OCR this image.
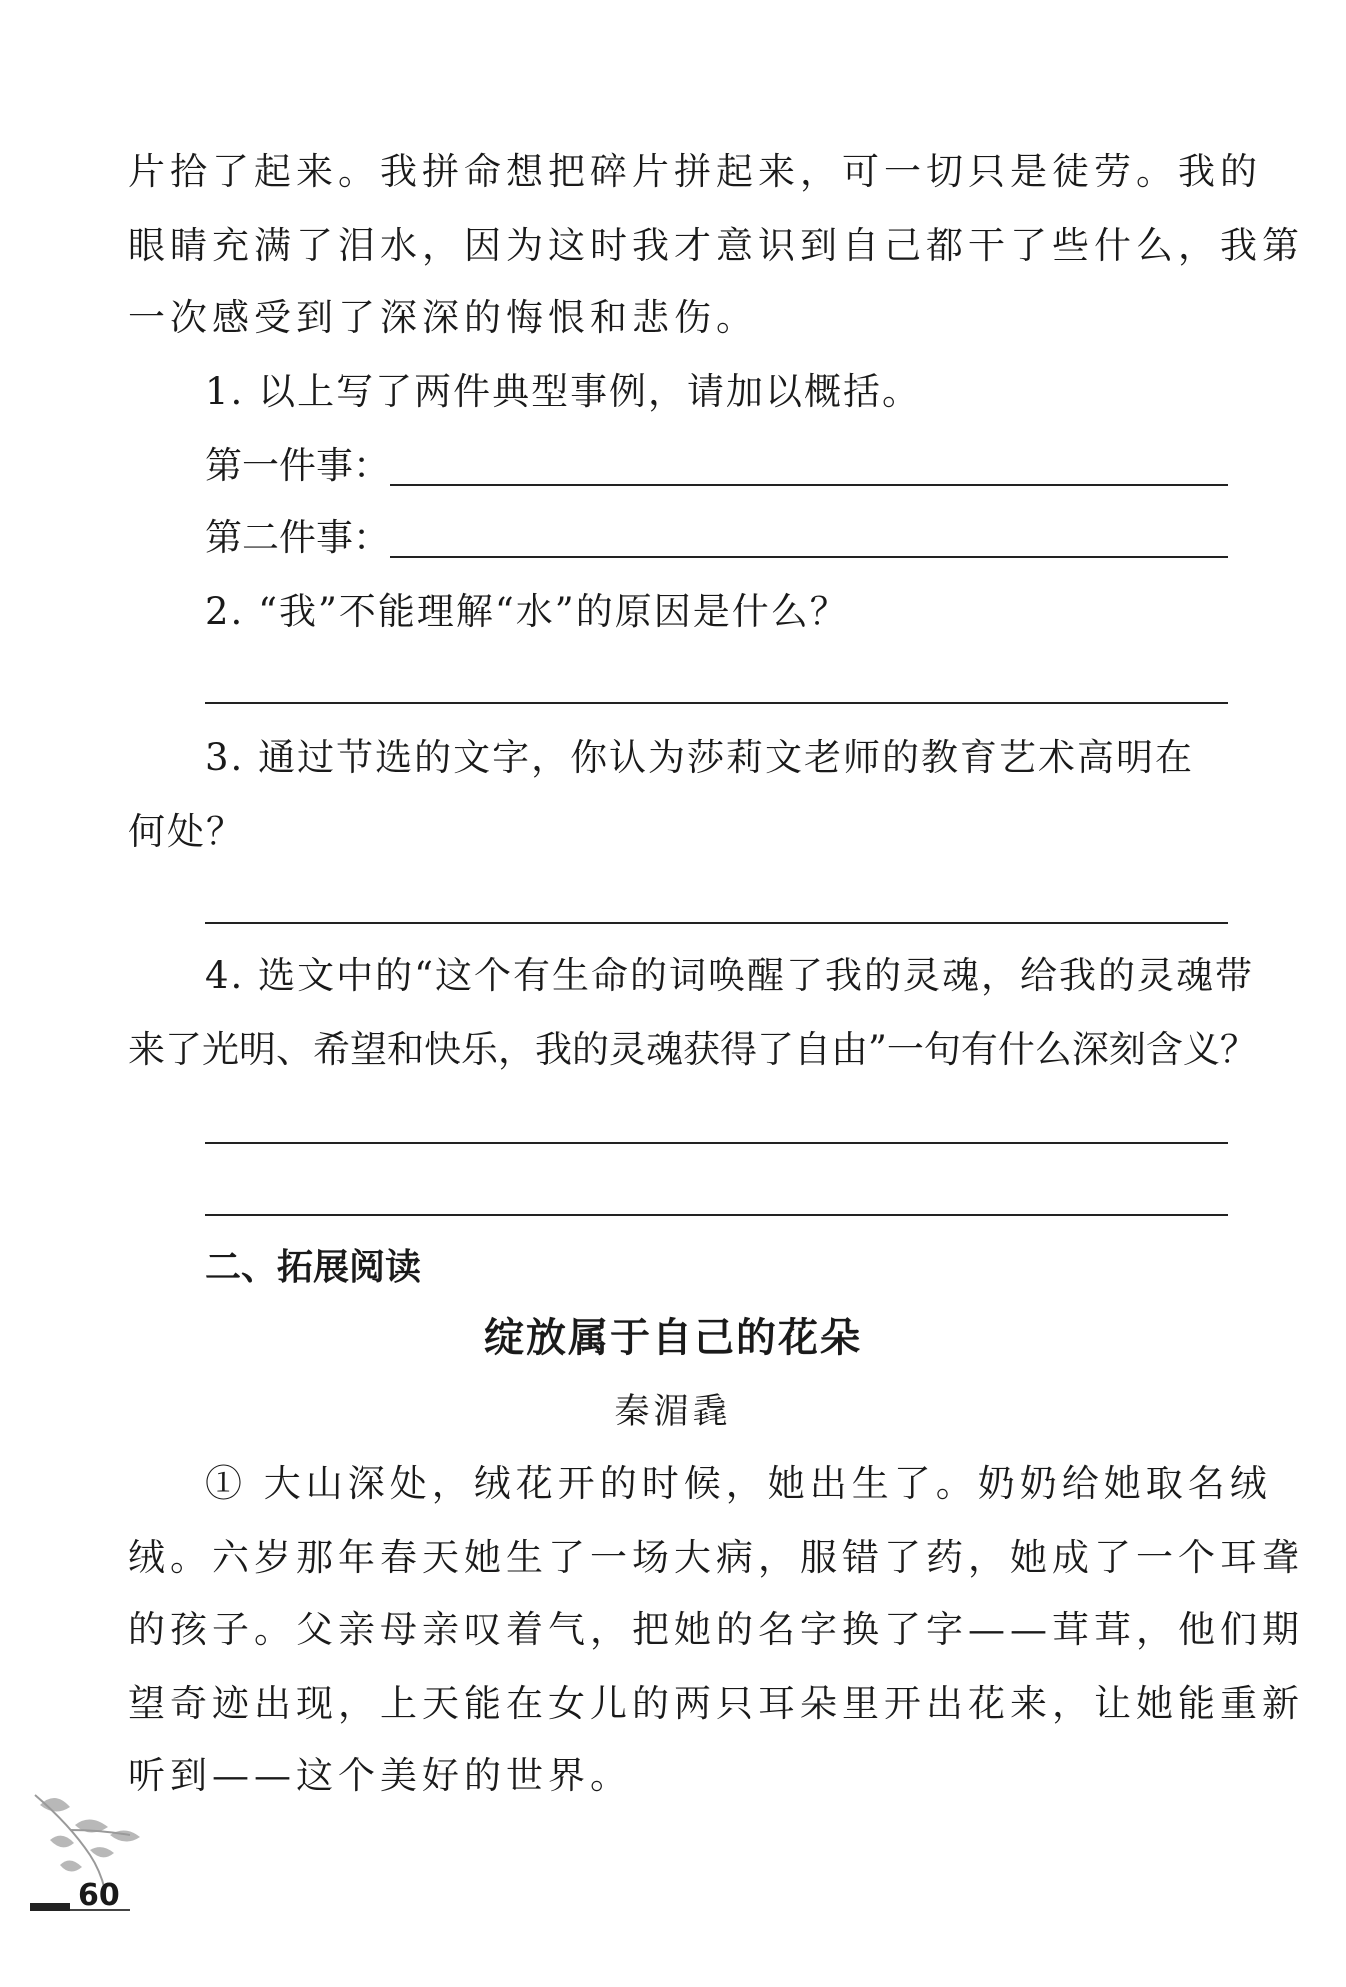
片拾了起来。我拼命想把碎片拼起来，可一切只是徒劳。我的
眼睛充满了泪水，因为这时我才意识到自己都干了些什么，我第
一次感受到了深深的悔恨和悲伤。
1. 以上写了两件典型事例，请加以概括。
第一件事：
第二件事：
2. “我”不能理解“水”的原因是什么？
3. 通过节选的文字，你认为莎莉文老师的教育艺术高明在
何处？
4. 选文中的“这个有生命的词唤醒了我的灵魂，给我的灵魂带
来了光明、希望和快乐，我的灵魂获得了自由”一句有什么深刻含义？
二、拓展阅读
绽放属于自己的花朵
秦湄毳
① 大山深处，绒花开的时候，她出生了。奶奶给她取名绒
绒。六岁那年春天她生了一场大病，服错了药，她成了一个耳聋
的孩子。父亲母亲叹着气，把她的名字换了字——茸茸，他们期
望奇迹出现，上天能在女儿的两只耳朵里开出花来，让她能重新
听到——这个美好的世界。
60
